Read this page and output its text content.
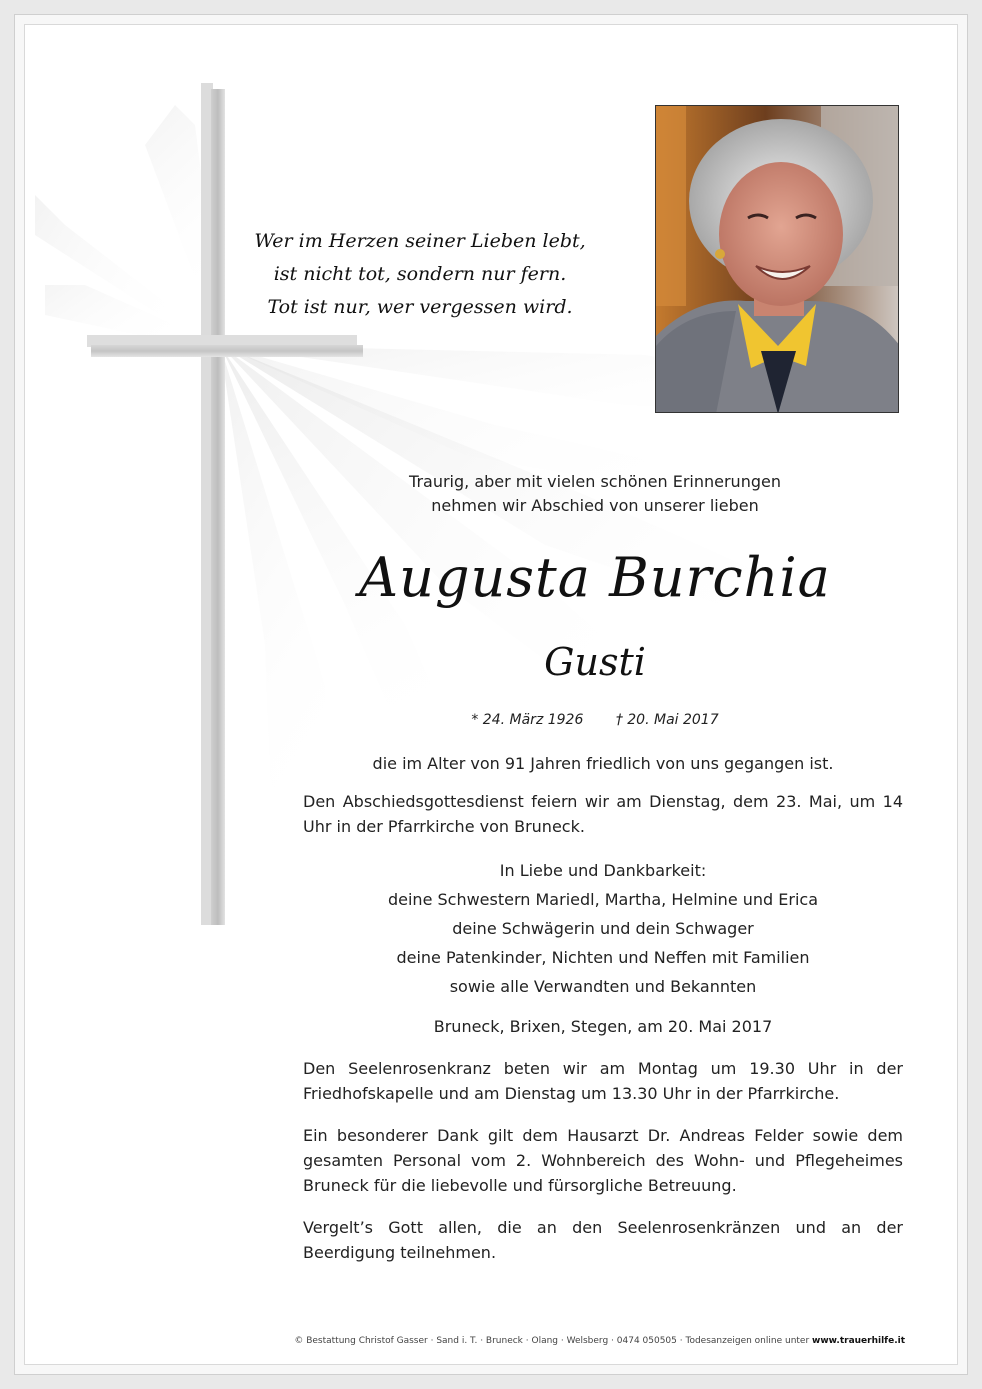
Wer im Herzen seiner Lieben lebt,
ist nicht tot, sondern nur fern.
Tot ist nur, wer vergessen wird.
Traurig, aber mit vielen schönen Erinnerungen
nehmen wir Abschied von unserer lieben
Augusta Burchia
Gusti
* 24. März 1926 † 20. Mai 2017

die im Alter von 91 Jahren friedlich von uns gegangen ist.

Den Abschiedsgottesdienst feiern wir am Dienstag, dem 23. Mai, um 14 Uhr in der Pfarrkirche von Bruneck.

In Liebe und Dankbarkeit:
deine Schwestern Mariedl, Martha, Helmine und Erica
deine Schwägerin und dein Schwager
deine Patenkinder, Nichten und Neffen mit Familien
sowie alle Verwandten und Bekannten

Bruneck, Brixen, Stegen, am 20. Mai 2017

Den Seelenrosenkranz beten wir am Montag um 19.30 Uhr in der Friedhofskapelle und am Dienstag um 13.30 Uhr in der Pfarrkirche.

Ein besonderer Dank gilt dem Hausarzt Dr. Andreas Felder sowie dem gesamten Personal vom 2. Wohnbereich des Wohn- und Pflegeheimes Bruneck für die liebevolle und fürsorgliche Betreuung.

Vergelt’s Gott allen, die an den Seelenrosenkränzen und an der Beerdigung teilnehmen.

© Bestattung Christof Gasser · Sand i. T. · Bruneck · Olang · Welsberg · 0474 050505 · Todesanzeigen online unter www.trauerhilfe.it
